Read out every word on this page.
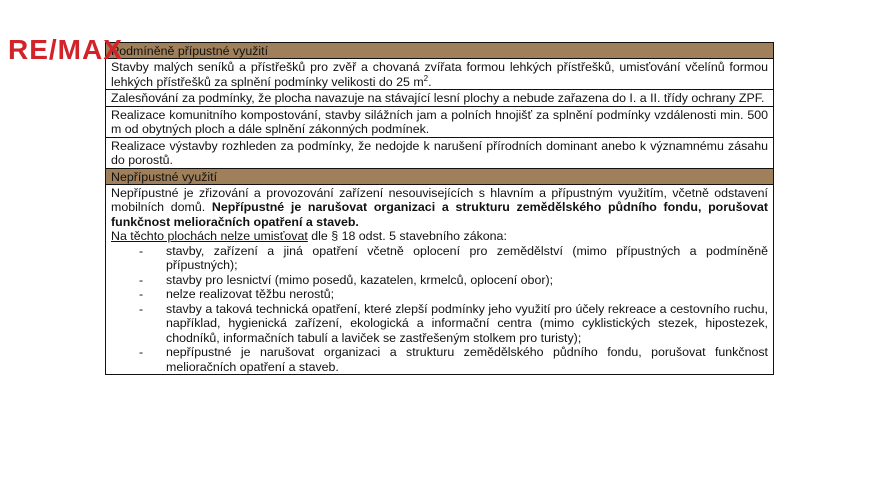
RE/MAX
Podmíněně přípustné využití
Stavby malých seníků a přístřešků pro zvěř a chovaná zvířata formou lehkých přístřešků, umisťování včelínů formou lehkých přístřešků za splnění podmínky velikosti do 25 $m^2$.
Zalesňování za podmínky, že plocha navazuje na stávající lesní plochy a nebude zařazena do I. a II. třídy ochrany ZPF.
Realizace komunitního kompostování, stavby silážních jam a polních hnojišť za splnění podmínky vzdálenosti min. 500 m od obytných ploch a dále splnění zákonných podmínek.
Realizace výstavby rozhleden za podmínky, že nedojde k narušení přírodních dominant anebo k významnému zásahu do porostů.
Nepřípustné využití
Nepřípustné je zřizování a provozování zařízení nesouvisejících s hlavním a přípustným využitím, včetně odstavení mobilních domů. Nepřípustné je narušovat organizaci a strukturu zemědělského půdního fondu, porušovat funkčnost melioračních opatření a staveb.
Na těchto plochách nelze umisťovat dle § 18 odst. 5 stavebního zákona:
- stavby, zařízení a jiná opatření včetně oplocení pro zemědělství (mimo přípustných a podmíněně přípustných);
- stavby pro lesnictví (mimo posedů, kazatelen, krmelců, oplocení obor);
- nelze realizovat těžbu nerostů;
- stavby a taková technická opatření, které zlepší podmínky jeho využití pro účely rekreace a cestovního ruchu, například, hygienická zařízení, ekologická a informační centra (mimo cyklistických stezek, hipostezek, chodníků, informačních tabulí a laviček se zastřešeným stolkem pro turisty);
- nepřípustné je narušovat organizaci a strukturu zemědělského půdního fondu, porušovat funkčnost melioračních opatření a staveb.
